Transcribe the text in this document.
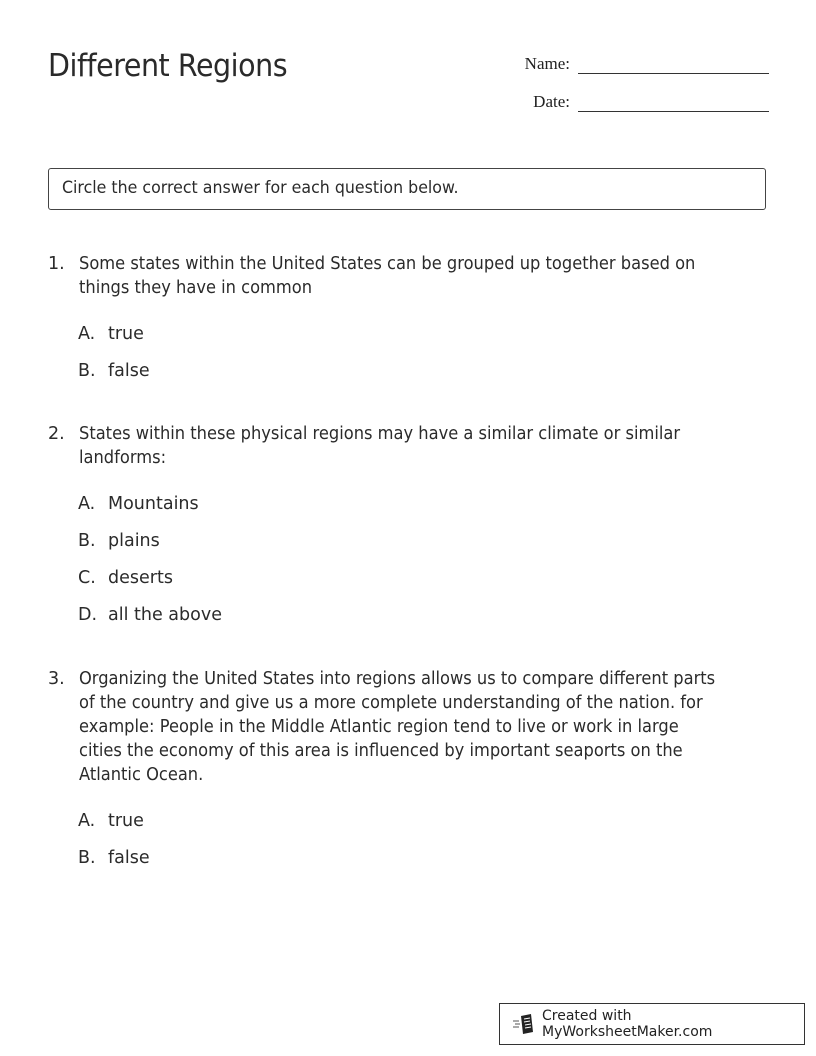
Different Regions	Name:
Date:
Circle the correct answer for each question below.
1. Some states within the United States can be grouped up together based on things they have in common
A. true
B. false
2. States within these physical regions may have a similar climate or similar landforms:
A. Mountains
B. plains
C. deserts
D. all the above
3. Organizing the United States into regions allows us to compare different parts of the country and give us a more complete understanding of the nation. for example: People in the Middle Atlantic region tend to live or work in large cities the economy of this area is influenced by important seaports on the Atlantic Ocean.
A. true
B. false
Created with MyWorksheetMaker.com
